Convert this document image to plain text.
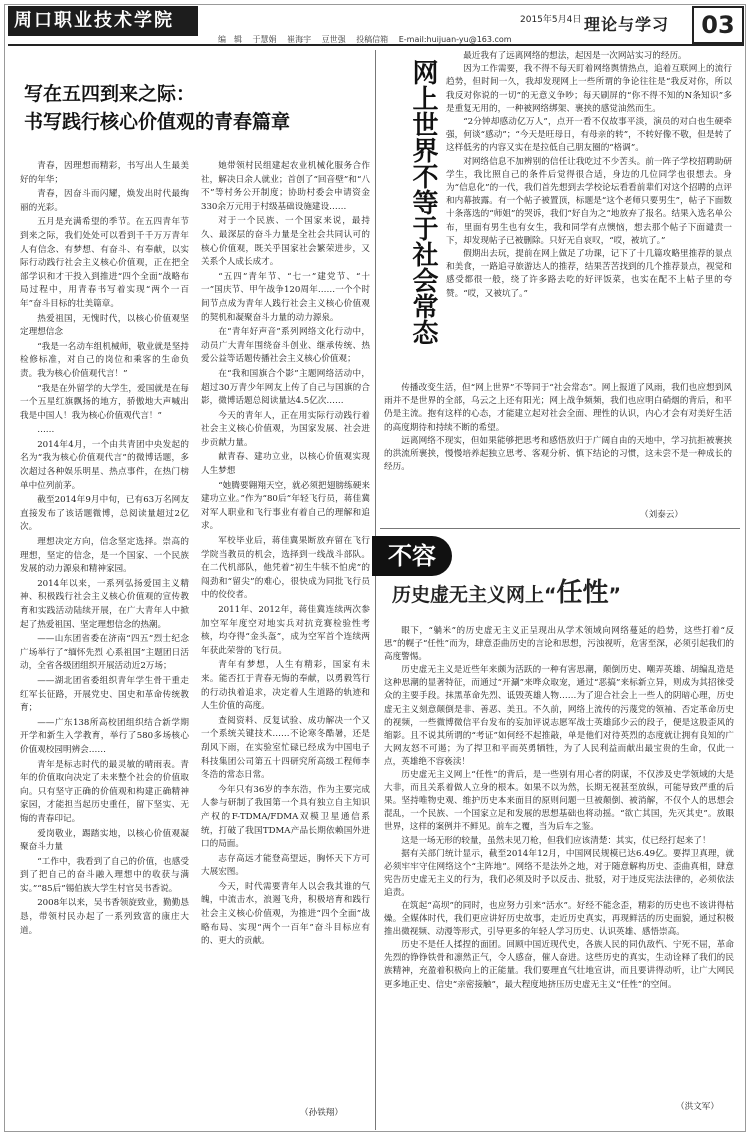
周口职业技术学院
编　辑 于慧娟 崔海宇 豆世强 投稿信箱 E-mail:huijuan-yu@163.com
2015年5月4日 理论与学习	03
写在五四到来之际：
书写践行核心价值观的青春篇章

青春，因理想而精彩，书写出人生最美好的年华；

青春，因奋斗而闪耀，焕发出时代最绚丽的光彩。

五月是充满希望的季节。在五四青年节到来之际，我们处处可以看到千千万万青年人有信念、有梦想、有奋斗、有奉献，以实际行动践行社会主义核心价值观，正在把全部学识和才干投入到推进“四个全面”战略布局过程中，用青春书写着实现“两个一百年”奋斗目标的壮美篇章。

热爱祖国，无愧时代，以核心价值观坚定理想信念

“我是一名动车组机械师，敬业就是坚持检修标准，对自己的岗位和乘客的生命负责。我为核心价值观代言！”

“我是在外留学的大学生，爱国就是在每一个五星红旗飘扬的地方，骄傲地大声喊出我是中国人！我为核心价值观代言！”

……

2014年4月，一个由共青团中央发起的名为“我为核心价值观代言”的微博话题，多次超过各种娱乐明星、热点事件，在热门榜单中位列前茅。

截至2014年9月中旬，已有63万名网友直接发布了该话题微博，总阅读量超过2亿次。

理想决定方向，信念坚定选择。崇高的理想，坚定的信念，是一个国家、一个民族发展的动力源泉和精神家园。

2014年以来，一系列弘扬爱国主义精神、积极践行社会主义核心价值观的宣传教育和实践活动陆续开展，在广大青年人中掀起了热爱祖国、坚定理想信念的热潮。

——山东团省委在济南“四五”烈士纪念广场举行了“缅怀先烈 心系祖国”主题团日活动，全省各级团组织开展活动近2万场；

——湖北团省委组织青年学生骨干重走红军长征路，开展党史、国史和革命传统教育；

——广东138所高校团组织结合新学期开学和新生入学教育，举行了580多场核心价值观校园明辨会……

青年是标志时代的最灵敏的晴雨表。青年的价值取向决定了未来整个社会的价值取向。只有坚守正确的价值观和构建正确精神家园，才能担当起历史重任，留下坚实、无悔的青春印记。

爱岗敬业，踢踏实地，以核心价值观凝聚奋斗力量

“工作中，我看到了自己的价值，也感受到了把自己的奋斗融入理想中的收获与满实。”“85后”锡伯族大学生村官吴书香说。

2008年以来，吴书香领旋致业，勤勤恳恳，带领村民办起了一系列致富的康庄大道。

她带领村民组建起农业机械化服务合作社，解决日余人就业；首创了“回音壁”和“八不”等村务公开制度；协助村委会申请资金330余万元用于村级基础设施建设……

对于一个民族、一个国家来说，最持久、最深层的奋斗力量是全社会共同认可的核心价值观，既关乎国家社会繁荣进步，又关系个人成长成才。

“五四”青年节、“七一”建党节、“十一”国庆节、甲午战争120周年……一个个时间节点成为青年人践行社会主义核心价值观的契机和凝聚奋斗力量的动力源泉。

在“青年好声音”系列网络文化行动中，动员广大青年围绕奋斗创业、继承传统、热爱公益等话题传播社会主义核心价值观；

在“我和国旗合个影”主题网络活动中，超过30万青少年网友上传了自己与国旗的合影，微博话题总阅读量达4.5亿次……

今天的青年人，正在用实际行动践行着社会主义核心价值观，为国家发展、社会进步贡献力量。

献青春、建功立业，以核心价值观实现人生梦想

“她腾要翱翔天空，就必须把翅膀练硬来建功立业。”作为“80后”年轻飞行员，蒋佳冀对军人职业和飞行事业有着自己的理解和追求。

军校毕业后，蒋佳冀果断放弃留在飞行学院当教员的机会，选择到一线战斗部队。在二代机部队，他凭着“初生牛犊不怕虎”的闯劲和“留尖”的难心，很快成为同批飞行员中的佼佼者。

2011年、2012年，蒋佳冀连续两次参加空军年度空对地实兵对抗竞赛检验性考核，均夺得“金头盔”，成为空军首个连续两年获此荣誉的飞行员。

青年有梦想，人生有精彩，国家有未来。能否扛于青春无悔的奉献，以勇毅笃行的行动执着追求，决定着人生道路的轨迹和人生价值的高度。

查阅资料、反复试验、成功解决一个又一个系统关键技术……不论寒冬酷暑，还是刮风下雨，在实验室忙碌已经成为中国电子科技集团公司第五十四研究所高级工程师李冬浩的常态日常。

今年只有36岁的李东浩，作为主要完成人参与研制了我国第一个具有独立自主知识产权的F-TDMA/FDMA双模卫星通信系统，打破了我国TDMA产品长期依赖国外进口的局面。

志存高远才能登高望远，胸怀天下方可大展宏图。

今天，时代需要青年人以会我其谁的气魄，中流击水，浪遏飞舟，积极培育和践行社会主义核心价值观，为推进“四个全面”战略布局、实现“两个一百年”奋斗目标应有的、更大的贡献。

（孙铁翔）
网上世界不等于社会常态

最近我有了远离网络的想法，起因是一次网站实习的经历。

因为工作需要，我不得不每天盯着网络舆情热点，追着互联网上的流行趋势，但时间一久，我却发现网上一些所谓的争论往往是“我反对你，所以我反对你说的一切”的无意义争吵；每天刷屏的“你不得不知的N条知识”多是重复无用的，一种被网络绑架、裹挟的感觉油然而生。

“2分钟却感动亿万人”，点开一看不仅故事平淡，演员的对白也生硬牵强，何谈“感动”；“今天是旺母日，有母亲的转”，不转好像不敬，但是转了这样低劣的内容又实在是拉低自己朋友圈的“格调”。

对网络信息不加辨别的信任让我吃过不少苦头。前一阵子学校招聘助研学生，我比照自己的条件后觉得很合适，身边的几位同学也很想去。身为“信息化”的一代，我们首先想到去学校论坛看看前辈们对这个招聘的点评和内幕披露。有一个帖子被置顶，标题是“这个老师只要男生”，帖子下面数十条落选的“师姐”的哭诉，我们“好自为之”地放弃了报名。结果入选名单公布，里面有男生也有女生，我和同学有点懊恼，想去那个帖子下面谴责一下，却发现帖子已被删除。只好无自哀叹，“哎，被坑了。”

假期出去玩，提前在网上做足了功课，记下了十几篇攻略里推荐的景点和美食，一路追寻旅游达人的推荐，结果苦苦找到的几个推荐景点，视觉和感受都很一般，绕了许多路去吃的好评饭菜，也实在配不上帖子里的夸赞。“哎，又被坑了。”

传播改变生活，但“网上世界”不等同于“社会常态”。网上报道了风雨，我们也应想到风雨并不是世界的全部，乌云之上还有阳光；网上战争频频，我们也应明白硝烟的背后，和平仍是主流。抱有这样的心态，才能建立起对社会全面、理性的认识，内心才会有对美好生活的高度期待和持续不断的希望。

远离网络不现实，但如果能够把思考和感悟放归于广阔自由的天地中，学习抗拒被裹挟的洪流所裹挟，慢慢培养起独立思考、客观分析、慎下结论的习惯，这未尝不是一种成长的经历。

（刘泰云）
不容
历史虚无主义网上“任性”

眼下，“躺米”的历史虚无主义正呈现出从学术领域向网络蔓延的趋势，这些打着“反思”的幌子“任性”而为，肆意歪曲历史的言论和思想，污浊视听，危害至深，必须引起我们的高度警惕。

历史虚无主义是近些年来颇为活跃的一种有害思潮，颠倒历史、嘲弄英雄、胡编乱造是这种思潮的显著特征，而通过“开涮”来哗众取宠，通过“恶搞”来标新立异，则成为其招徕受众的主要手段。抹黑革命先烈、诋毁英雄人物……为了迎合社会上一些人的阴暗心理，历史虚无主义刻意颠倒是非、善恶、美丑。不久前，网络上流传的污蔑党的领袖、否定革命历史的视频，一些微博微信平台发布的妄加评说志愿军战士英雄邱少云的段子，便是这股歪风的缩影。且不说其所谓的“考证”如何经不起推敲，单是他们对待英烈的态度就让拥有良知的广大网友怒不可遏；为了捍卫和平而英勇牺牲，为了人民利益而献出最宝贵的生命，仅此一点，英雄绝不容亵渎！

历史虚无主义网上“任性”的背后，是一些别有用心者的阴谋，不仅涉及史学领域的大是大非，而且关系着做人立身的根本。如果不以为然，长期无视甚至放纵，可能导致严重的后果。坚持唯物史观、维护历史本来面目的原则问题一旦被颠倒、被消解，不仅个人的思想会混乱，一个民族、一个国家立足和发展的思想基础也将动摇。“欲亡其国，先灭其史”。放眼世界，这样的案例并不鲜见。前车之覆，当为后车之鉴。

这是一场无形的较量，虽然未见刀枪，但我们应该清楚：其实，仗已经打起来了！

据有关部门统计显示，截至2014年12月，中国网民规模已达6.49亿。要捍卫真理，就必须牢牢守住网络这个“主阵地”。网络不是法外之地，对于随意解构历史、歪曲真相，肆意宪告历史虚无主义的行为，我们必须及时予以反击、批驳，对于违反宪法法律的，必须依法追责。

在筑起“高坝”的同时，也应努力引来“活水”。好经不能念歪，精彩的历史也不该讲得枯燥。全媒体时代，我们更应讲好历史故事，走近历史真实，再现鲜活的历史面貌，通过积极推出微视频、动漫等形式，引导更多的年轻人学习历史、认识英雄、感悟崇高。

历史不是任人揉捏的面团。回顾中国近现代史，各族人民的同仇敌忾、宁死不屈，革命先烈的铮铮铁骨和凛然正气，令人感奋，催人奋进。这些历史的真实，生动诠释了我们的民族精神，充盈着积极向上的正能量。我们要理直气壮地宣讲，而且要讲得动听，让广大网民更多地正史、信史“亲密接触”，最大程度地挤压历史虚无主义“任性”的空间。

（洪文军）
